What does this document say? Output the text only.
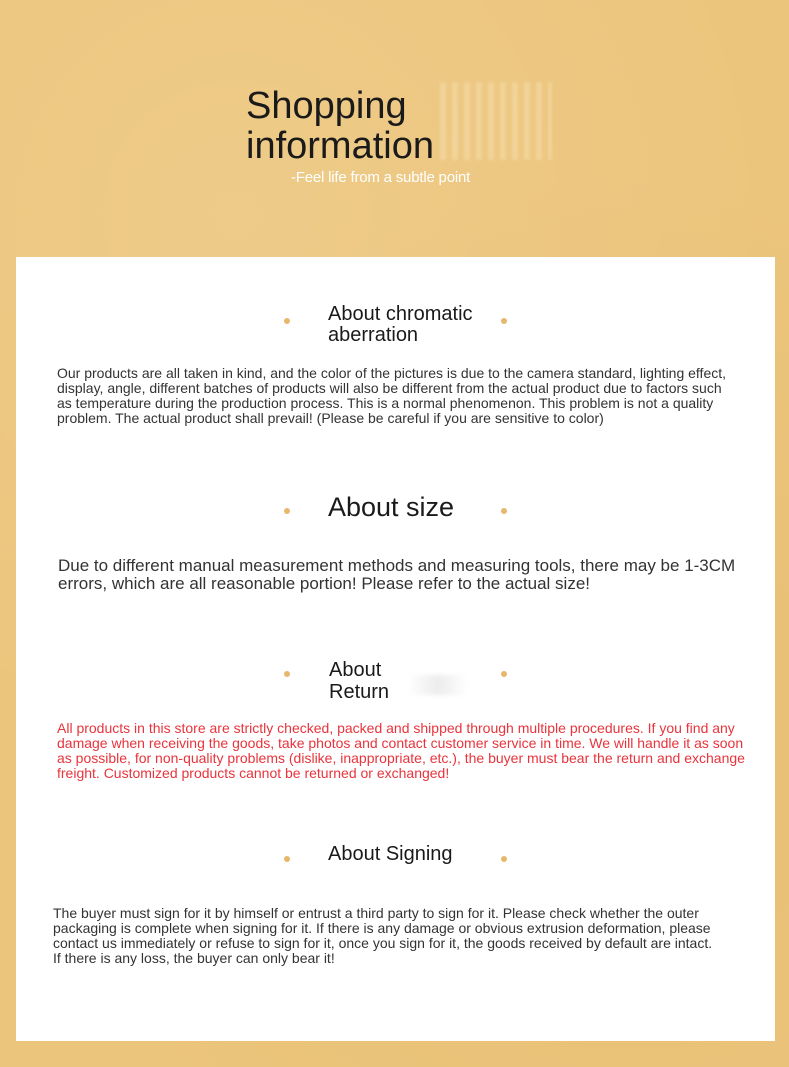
Shopping
information

-Feel life from a subtle point

About chromatic aberration

Our products are all taken in kind, and the color of the pictures is due to the camera standard, lighting effect, display, angle, different batches of products will also be different from the actual product due to factors such as temperature during the production process. This is a normal phenomenon. This problem is not a quality problem. The actual product shall prevail! (Please be careful if you are sensitive to color)

About size

Due to different manual measurement methods and measuring tools, there may be 1-3CM errors, which are all reasonable portion! Please refer to the actual size!

About Return

All products in this store are strictly checked, packed and shipped through multiple procedures. If you find any damage when receiving the goods, take photos and contact customer service in time. We will handle it as soon as possible, for non-quality problems (dislike, inappropriate, etc.), the buyer must bear the return and exchange freight. Customized products cannot be returned or exchanged!

About Signing

The buyer must sign for it by himself or entrust a third party to sign for it. Please check whether the outer packaging is complete when signing for it. If there is any damage or obvious extrusion deformation, please contact us immediately or refuse to sign for it, once you sign for it, the goods received by default are intact. If there is any loss, the buyer can only bear it!
